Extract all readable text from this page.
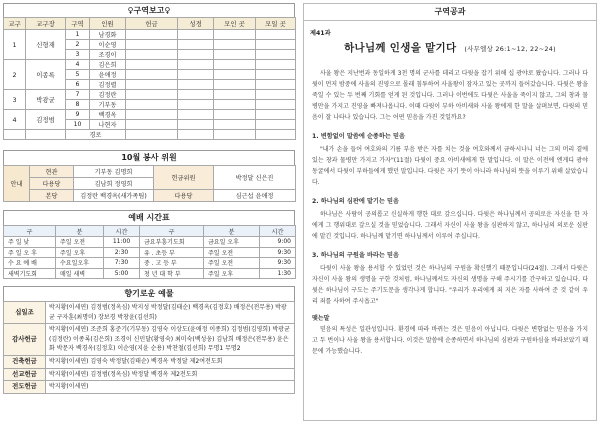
♀구역보고♀
교구	교구장	구역	인원	헌금	성경	모인 곳	모일 곳
1	신형재	1	남경화				
		2	이순영				
		3	조경이				
2	이종록	4	김은희				
		5	윤애정				
		6	김정렬				
3	박광균	7	김정란				
		8	기부동				
4	김정범	9	백경옥				
		10	나현자				
		경로					
10월 봉사 위원
안내	현관	기부동 김명희	헌금위원	박정달 신은진
	다용당	김남희 정영희		
	본당	김정란 백경옥(새가족팀)	다용당	심근섭 윤애정
예배 시간표
구	분	시간	구	분	시간
주 일 낮	주일 오전	11:00	금요부흥기도회	금요일 오후	9:00
주 일 오 후	주일 오후	2:30	유 . 초등 부	주일 오전	9:30
수 요 예 배	수요일오후	7:30	중 . 고 등 부	주일 오전	9:30
새벽기도회	매일 새벽	5:00	청 년 대 학 부	주일 오후	1:30
향기로운 예물
십일조	박지황(이세연) 김정범(정옥심) 박지성 박정달(김태순) 백경옥(김정호) 배정은(전무용) 박광균 구자훈(최명미) 장보경 박창윤(김선희)
감사헌금	박지황(이세연) 조준희 홍준기(기부동) 김영숙 이상도(윤애정 이종희) 김정범(김영희) 박광균(김정란) 이종록(김은희) 조경이 신민달(황영숙) 최미숙(백성웅) 김남희 배정은(전무용) 윤은화 박문자 백경옥(김정호) 이순영(지윤 순용) 박찬철(김선희) 무명1 무명2
건축헌금	박지황(이세연) 김영숙 박정달(김태순) 백경옥 박정달 제2여전도회
선교헌금	박지황(이세연) 김정범(정옥심) 박정달 백경옥 제2전도회
전도헌금	박지황(이세연)
구역공과
제41과
하나님께 인생을 맡기다 (사무엘상 26:1~12, 22~24)

사울 왕은 지난번과 동일하게 3천 명의 군사를 데리고 다윗을 잡기 위해 십 광야로 왔습니다. 그러나 다윗이 먼저 밤중에 사울의 진영으로 몰래 침투하여 사울왕이 잠자고 있는 곳까지 들어갔습니다. 다윗은 왕을 죽일 수 있는 두 번째 기회를 얻게 된 것입니다. 그러나 이번에도 다윗은 사울을 죽이지 않고, 그의 창과 물병만을 가지고 진영을 빠져나옵니다. 이때 다윗이 부하 아비새와 사울 왕에게 한 말을 살펴보면, 다윗의 믿음이 잘 나타나 있습니다. 그는 어떤 믿음을 가진 것일까요?

1. 변함없이 말씀에 순종하는 믿음

"내가 손을 들어 여호와의 기름 부음 받은 자를 치는 것을 여호와께서 금하시나니 너는 그의 머리 곁에 있는 창과 물병만 가지고 가자"(11절) 다윗이 중요 아비새에게 한 말입니다. 이 말은 이전에 엔게디 광야 동굴에서 다윗이 부하들에게 했던 말입니다. 다윗은 자기 뜻이 아니라 하나님의 뜻을 이루기 위해 살았습니다.

2. 하나님의 심판에 맡기는 믿음

하나님은 사람이 공의롭고 신실하게 행한 대로 갚으십니다. 다윗은 하나님께서 공의로운 자신을 한 자에게 그 행위대로 갚으실 것을 믿었습니다. 그래서 자신이 사울 왕을 심판하지 않고, 하나님의 의로운 심판에 맡긴 것입니다. 하나님께 맡기면 하나님께서 이루어 주십니다.

3. 하나님의 구원을 바라는 믿음

다윗이 사울 왕을 용서할 수 있었던 것은 하나님의 구원을 확신했기 때문입니다(24절). 그래서 다윗은 자신이 사울 왕의 생명을 구한 것처럼, 하나님께서도 자신의 생명을 구해 주시기를 간구하고 있습니다. 다윗은 하나님이 구도는 주기도문을 생각나게 합니다. "우리가 우리에게 죄 지은 자를 사하여 준 것 같이 우리 죄를 사하여 주시옵고"

맺는말

믿음의 특성은 일관성입니다. 환경에 따라 바뀌는 것은 믿음이 아닙니다. 다윗은 변함없는 믿음을 가지고 두 번이나 사울 왕을 용서합니다. 이것은 말씀에 순종하면서 하나님의 심판과 구원하심을 바라보았기 때문에 가능했습니다.
